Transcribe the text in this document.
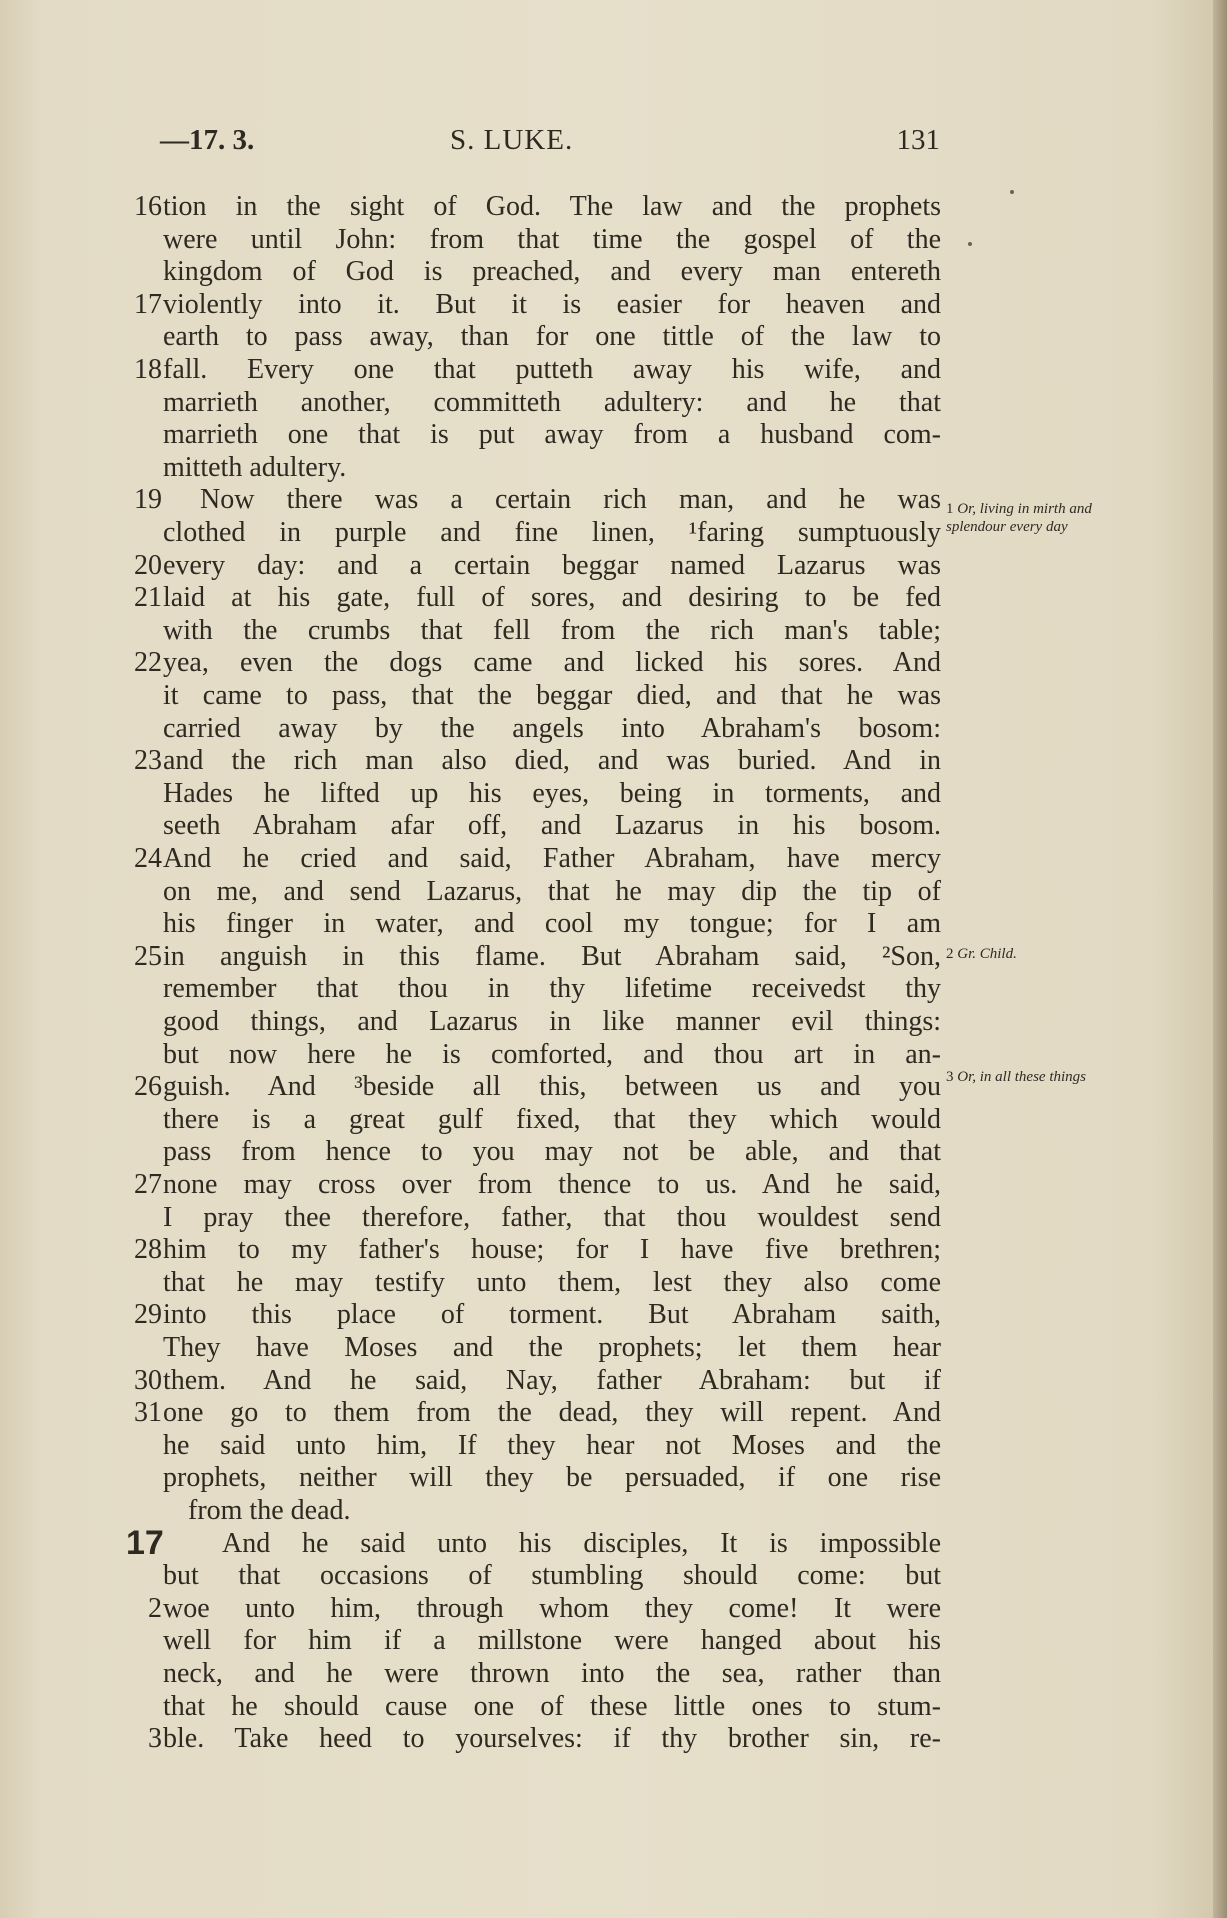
—17. 3.	S. LUKE.	131
16 tion in the sight of God. The law and the prophets
were until John: from that time the gospel of the
kingdom of God is preached, and every man entereth
17 violently into it. But it is easier for heaven and
earth to pass away, than for one tittle of the law to
18 fall. Every one that putteth away his wife, and
marrieth another, committeth adultery: and he that
marrieth one that is put away from a husband com-
mitteth adultery.
19 Now there was a certain rich man, and he was
clothed in purple and fine linen, ¹faring sumptuously
20 every day: and a certain beggar named Lazarus was
21 laid at his gate, full of sores, and desiring to be fed
with the crumbs that fell from the rich man's table;
22 yea, even the dogs came and licked his sores. And
it came to pass, that the beggar died, and that he was
carried away by the angels into Abraham's bosom:
23 and the rich man also died, and was buried. And in
Hades he lifted up his eyes, being in torments, and
seeth Abraham afar off, and Lazarus in his bosom.
24 And he cried and said, Father Abraham, have mercy
on me, and send Lazarus, that he may dip the tip of
his finger in water, and cool my tongue; for I am
25 in anguish in this flame. But Abraham said, ²Son,
remember that thou in thy lifetime receivedst thy
good things, and Lazarus in like manner evil things:
but now here he is comforted, and thou art in an-
26 guish. And ³beside all this, between us and you
there is a great gulf fixed, that they which would
pass from hence to you may not be able, and that
27 none may cross over from thence to us. And he said,
I pray thee therefore, father, that thou wouldest send
28 him to my father's house; for I have five brethren;
that he may testify unto them, lest they also come
29 into this place of torment. But Abraham saith,
They have Moses and the prophets; let them hear
30 them. And he said, Nay, father Abraham: but if
31 one go to them from the dead, they will repent. And
he said unto him, If they hear not Moses and the
prophets, neither will they be persuaded, if one rise
from the dead.
17	And he said unto his disciples, It is impossible
but that occasions of stumbling should come: but
2 woe unto him, through whom they come! It were
well for him if a millstone were hanged about his
neck, and he were thrown into the sea, rather than
that he should cause one of these little ones to stum-
3 ble. Take heed to yourselves: if thy brother sin, re-
1 Or, living in mirth and splendour every day
2 Gr. Child.
3 Or, in all these things
